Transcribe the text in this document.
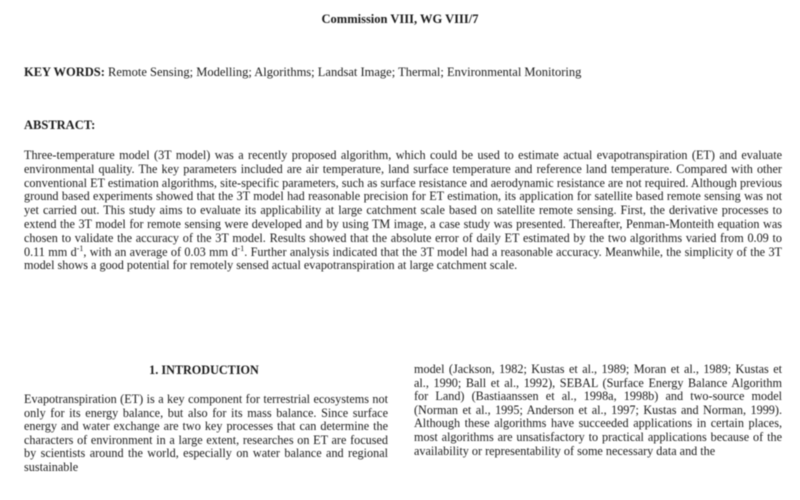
Commission VIII, WG VIII/7
KEY WORDS: Remote Sensing; Modelling; Algorithms; Landsat Image; Thermal; Environmental Monitoring
ABSTRACT:
Three-temperature model (3T model) was a recently proposed algorithm, which could be used to estimate actual evapotranspiration (ET) and evaluate environmental quality. The key parameters included are air temperature, land surface temperature and reference land temperature. Compared with other conventional ET estimation algorithms, site-specific parameters, such as surface resistance and aerodynamic resistance are not required. Although previous ground based experiments showed that the 3T model had reasonable precision for ET estimation, its application for satellite based remote sensing was not yet carried out. This study aims to evaluate its applicability at large catchment scale based on satellite remote sensing. First, the derivative processes to extend the 3T model for remote sensing were developed and by using TM image, a case study was presented. Thereafter, Penman-Monteith equation was chosen to validate the accuracy of the 3T model. Results showed that the absolute error of daily ET estimated by the two algorithms varied from 0.09 to 0.11 mm $d^{-1}$, with an average of 0.03 mm $d^{-1}$. Further analysis indicated that the 3T model had a reasonable accuracy. Meanwhile, the simplicity of the 3T model shows a good potential for remotely sensed actual evapotranspiration at large catchment scale.
1. INTRODUCTION
Evapotranspiration (ET) is a key component for terrestrial ecosystems not only for its energy balance, but also for its mass balance. Since surface energy and water exchange are two key processes that can determine the characters of environment in a large extent, researches on ET are focused by scientists around the world, especially on water balance and regional sustainable
model (Jackson, 1982; Kustas et al., 1989; Moran et al., 1989; Kustas et al., 1990; Ball et al., 1992), SEBAL (Surface Energy Balance Algorithm for Land) (Bastiaanssen et al., 1998a, 1998b) and two-source model (Norman et al., 1995; Anderson et al., 1997; Kustas and Norman, 1999). Although these algorithms have succeeded applications in certain places, most algorithms are unsatisfactory to practical applications because of the availability or representability of some necessary data and the
